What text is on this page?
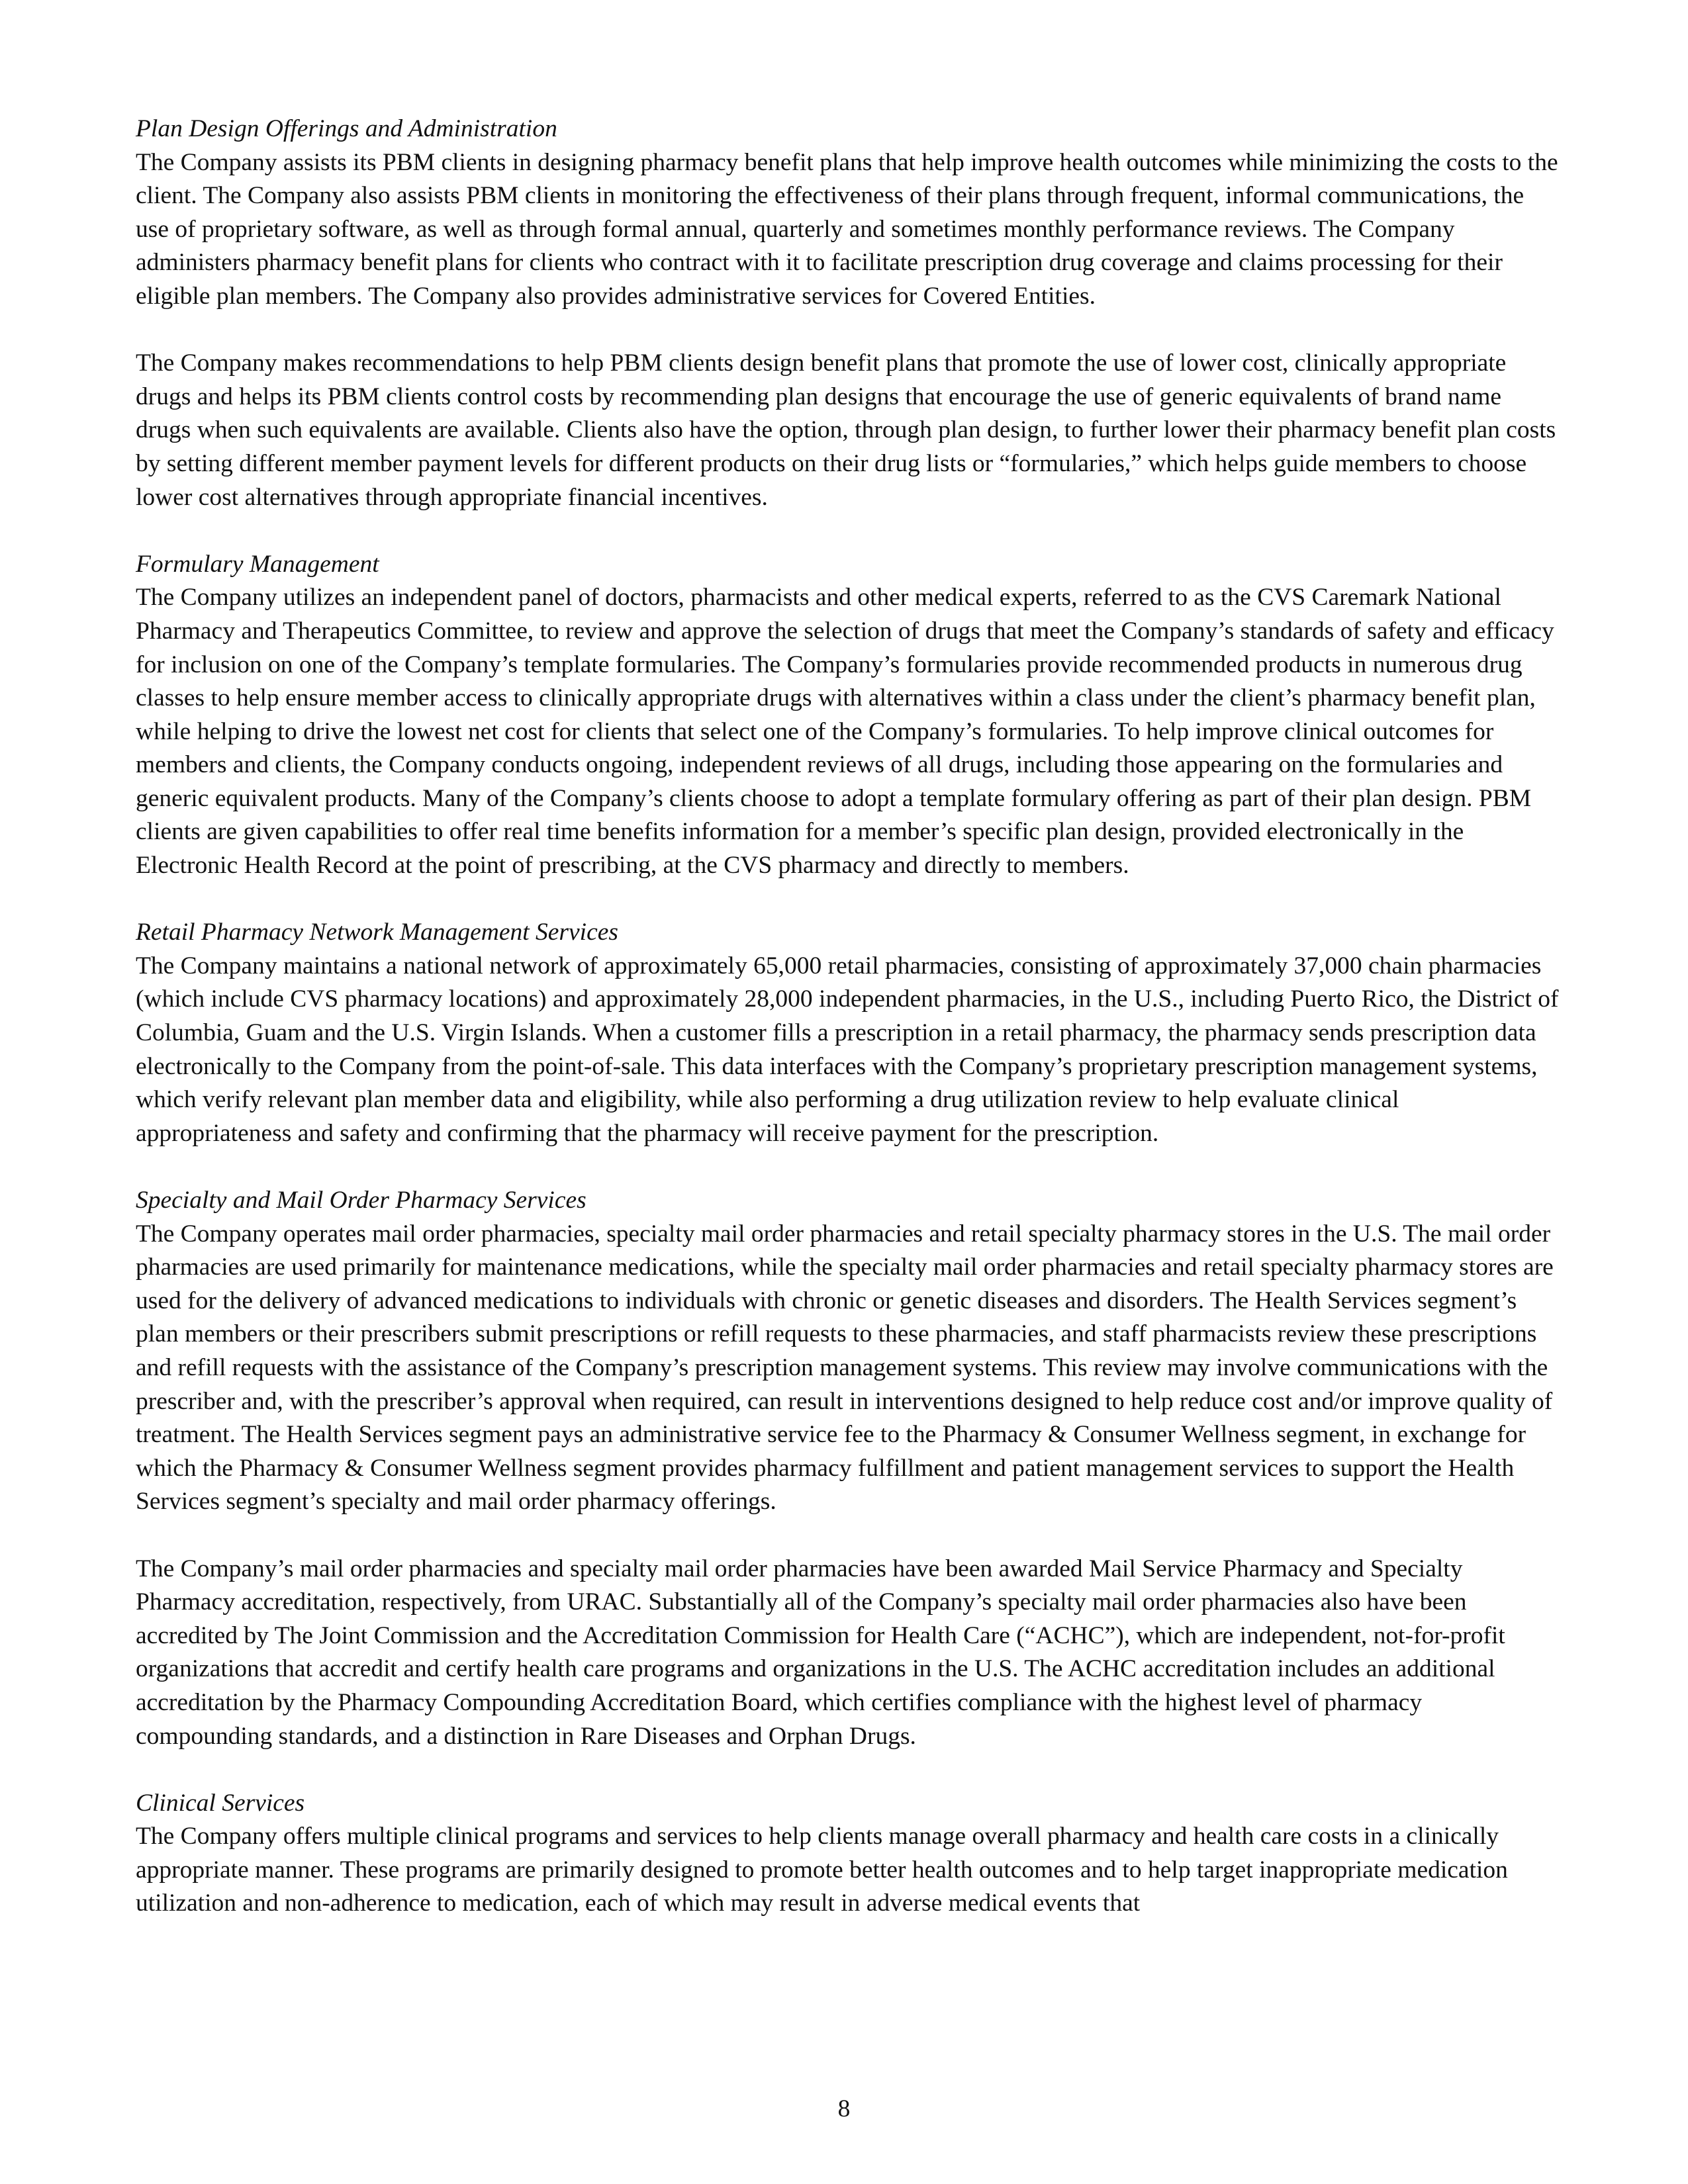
Plan Design Offerings and Administration

The Company assists its PBM clients in designing pharmacy benefit plans that help improve health outcomes while minimizing the costs to the client. The Company also assists PBM clients in monitoring the effectiveness of their plans through frequent, informal communications, the use of proprietary software, as well as through formal annual, quarterly and sometimes monthly performance reviews. The Company administers pharmacy benefit plans for clients who contract with it to facilitate prescription drug coverage and claims processing for their eligible plan members. The Company also provides administrative services for Covered Entities.

The Company makes recommendations to help PBM clients design benefit plans that promote the use of lower cost, clinically appropriate drugs and helps its PBM clients control costs by recommending plan designs that encourage the use of generic equivalents of brand name drugs when such equivalents are available. Clients also have the option, through plan design, to further lower their pharmacy benefit plan costs by setting different member payment levels for different products on their drug lists or “formularies,” which helps guide members to choose lower cost alternatives through appropriate financial incentives.

Formulary Management

The Company utilizes an independent panel of doctors, pharmacists and other medical experts, referred to as the CVS Caremark National Pharmacy and Therapeutics Committee, to review and approve the selection of drugs that meet the Company’s standards of safety and efficacy for inclusion on one of the Company’s template formularies. The Company’s formularies provide recommended products in numerous drug classes to help ensure member access to clinically appropriate drugs with alternatives within a class under the client’s pharmacy benefit plan, while helping to drive the lowest net cost for clients that select one of the Company’s formularies. To help improve clinical outcomes for members and clients, the Company conducts ongoing, independent reviews of all drugs, including those appearing on the formularies and generic equivalent products. Many of the Company’s clients choose to adopt a template formulary offering as part of their plan design. PBM clients are given capabilities to offer real time benefits information for a member’s specific plan design, provided electronically in the Electronic Health Record at the point of prescribing, at the CVS pharmacy and directly to members.

Retail Pharmacy Network Management Services

The Company maintains a national network of approximately 65,000 retail pharmacies, consisting of approximately 37,000 chain pharmacies (which include CVS pharmacy locations) and approximately 28,000 independent pharmacies, in the U.S., including Puerto Rico, the District of Columbia, Guam and the U.S. Virgin Islands. When a customer fills a prescription in a retail pharmacy, the pharmacy sends prescription data electronically to the Company from the point-of-sale. This data interfaces with the Company’s proprietary prescription management systems, which verify relevant plan member data and eligibility, while also performing a drug utilization review to help evaluate clinical appropriateness and safety and confirming that the pharmacy will receive payment for the prescription.

Specialty and Mail Order Pharmacy Services

The Company operates mail order pharmacies, specialty mail order pharmacies and retail specialty pharmacy stores in the U.S. The mail order pharmacies are used primarily for maintenance medications, while the specialty mail order pharmacies and retail specialty pharmacy stores are used for the delivery of advanced medications to individuals with chronic or genetic diseases and disorders. The Health Services segment’s plan members or their prescribers submit prescriptions or refill requests to these pharmacies, and staff pharmacists review these prescriptions and refill requests with the assistance of the Company’s prescription management systems. This review may involve communications with the prescriber and, with the prescriber’s approval when required, can result in interventions designed to help reduce cost and/or improve quality of treatment. The Health Services segment pays an administrative service fee to the Pharmacy & Consumer Wellness segment, in exchange for which the Pharmacy & Consumer Wellness segment provides pharmacy fulfillment and patient management services to support the Health Services segment’s specialty and mail order pharmacy offerings.

The Company’s mail order pharmacies and specialty mail order pharmacies have been awarded Mail Service Pharmacy and Specialty Pharmacy accreditation, respectively, from URAC. Substantially all of the Company’s specialty mail order pharmacies also have been accredited by The Joint Commission and the Accreditation Commission for Health Care (“ACHC”), which are independent, not-for-profit organizations that accredit and certify health care programs and organizations in the U.S. The ACHC accreditation includes an additional accreditation by the Pharmacy Compounding Accreditation Board, which certifies compliance with the highest level of pharmacy compounding standards, and a distinction in Rare Diseases and Orphan Drugs.

Clinical Services

The Company offers multiple clinical programs and services to help clients manage overall pharmacy and health care costs in a clinically appropriate manner. These programs are primarily designed to promote better health outcomes and to help target inappropriate medication utilization and non-adherence to medication, each of which may result in adverse medical events that

8
